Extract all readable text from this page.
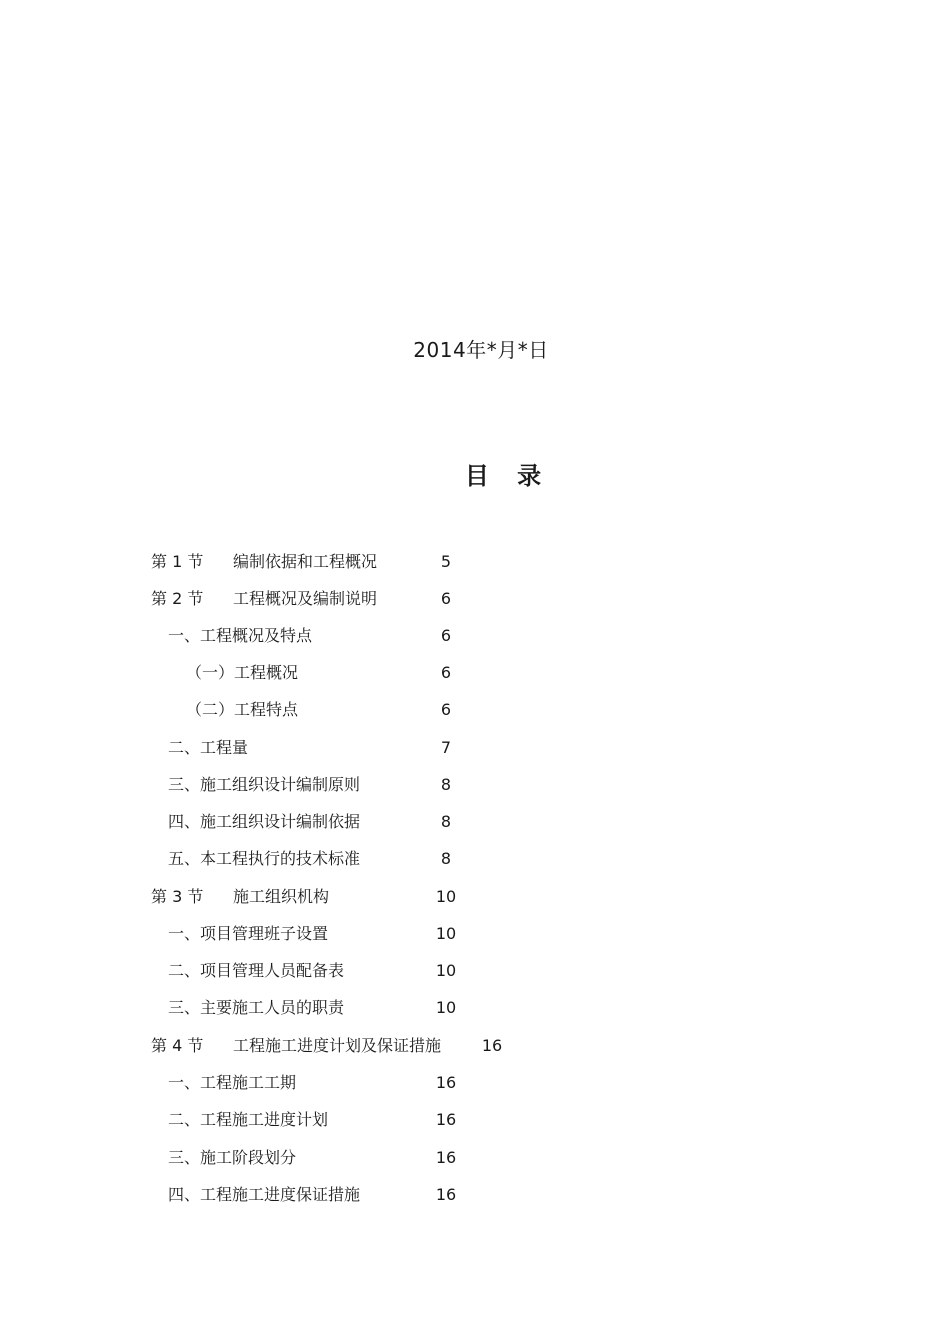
2014年*月*日
目 录
第 1 节 编制依据和工程概况	5
第 2 节 工程概况及编制说明	6
一、工程概况及特点	6
（一）工程概况	6
（二）工程特点	6
二、工程量	7
三、施工组织设计编制原则	8
四、施工组织设计编制依据	8
五、本工程执行的技术标准	8
第 3 节 施工组织机构	10
一、项目管理班子设置	10
二、项目管理人员配备表	10
三、主要施工人员的职责	10
第 4 节 工程施工进度计划及保证措施	16
一、工程施工工期	16
二、工程施工进度计划	16
三、施工阶段划分	16
四、工程施工进度保证措施	16
